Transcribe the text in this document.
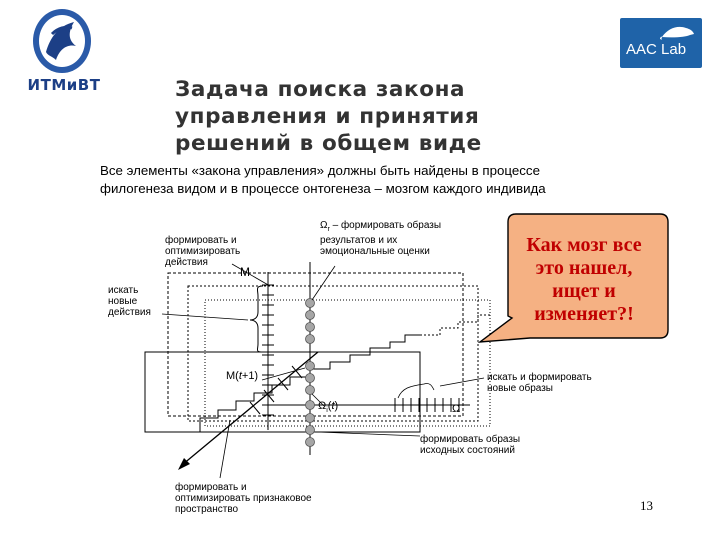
ИТМиВТ
AAC Lab
Задача поиска закона
управления и принятия
решений в общем виде
Все элементы «закона управления» должны быть найдены в процессе
филогенеза видом и в процессе онтогенеза – мозгом каждого индивида
формировать и
оптимизировать
действия
М
искать
новые
действия
$\Omega_r$ – формировать образы
результатов и их
эмоциональные оценки
М(t+1)
$\Omega_i(t)$	Ω
искать и формировать
новые образы
формировать образы
исходных состояний
формировать и
оптимизировать признаковое
пространство
Как мозг все
это нашел,
ищет и
изменяет?!
13
